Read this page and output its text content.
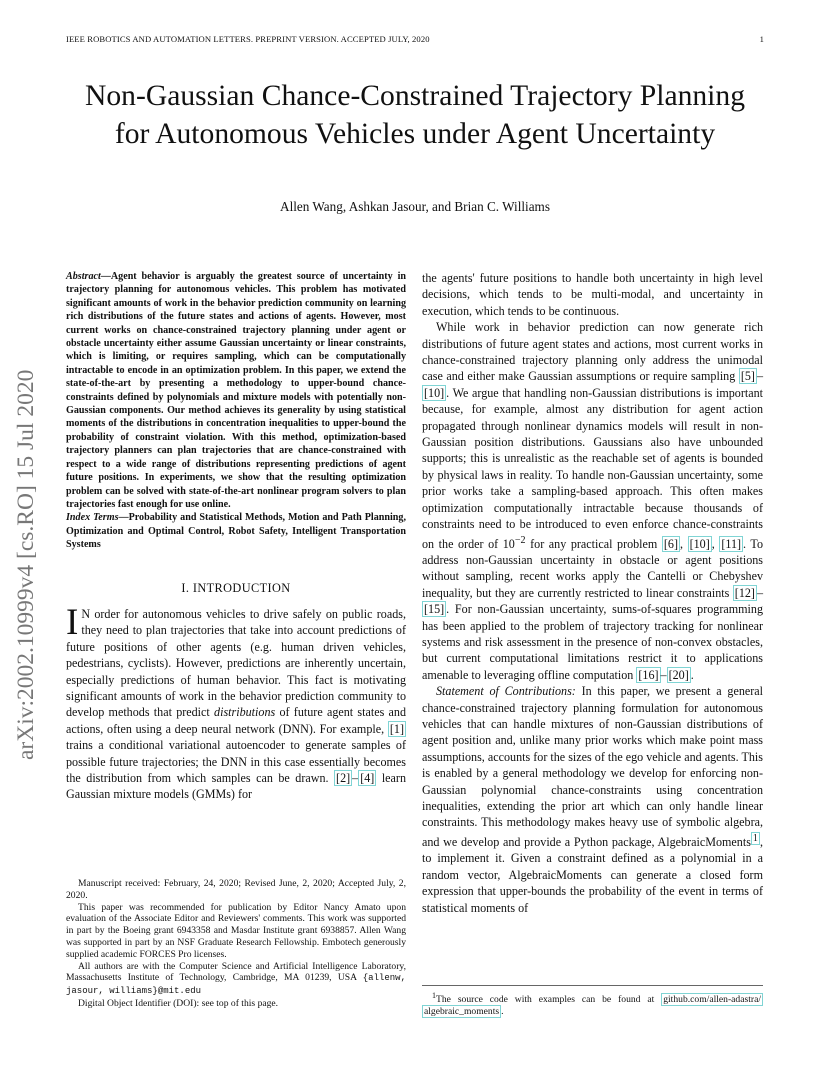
IEEE ROBOTICS AND AUTOMATION LETTERS. PREPRINT VERSION. ACCEPTED JULY, 2020	1
arXiv:2002.10999v4 [cs.RO] 15 Jul 2020
Non-Gaussian Chance-Constrained Trajectory Planning for Autonomous Vehicles under Agent Uncertainty
Allen Wang, Ashkan Jasour, and Brian C. Williams

Abstract—Agent behavior is arguably the greatest source of uncertainty in trajectory planning for autonomous vehicles. This problem has motivated significant amounts of work in the behavior prediction community on learning rich distributions of the future states and actions of agents. However, most current works on chance-constrained trajectory planning under agent or obstacle uncertainty either assume Gaussian uncertainty or linear constraints, which is limiting, or requires sampling, which can be computationally intractable to encode in an optimization problem. In this paper, we extend the state-of-the-art by presenting a methodology to upper-bound chance-constraints defined by polynomials and mixture models with potentially non-Gaussian components. Our method achieves its generality by using statistical moments of the distributions in concentration inequalities to upper-bound the probability of constraint violation. With this method, optimization-based trajectory planners can plan trajectories that are chance-constrained with respect to a wide range of distributions representing predictions of agent future positions. In experiments, we show that the resulting optimization problem can be solved with state-of-the-art nonlinear program solvers to plan trajectories fast enough for use online.

Index Terms—Probability and Statistical Methods, Motion and Path Planning, Optimization and Optimal Control, Robot Safety, Intelligent Transportation Systems

I. INTRODUCTION

I N order for autonomous vehicles to drive safely on public roads, they need to plan trajectories that take into account predictions of future positions of other agents (e.g. human driven vehicles, pedestrians, cyclists). However, predictions are inherently uncertain, especially predictions of human behavior. This fact is motivating significant amounts of work in the behavior prediction community to develop methods that predict distributions of future agent states and actions, often using a deep neural network (DNN). For example, [1] trains a conditional variational autoencoder to generate samples of possible future trajectories; the DNN in this case essentially becomes the distribution from which samples can be drawn. [2] – [4] learn Gaussian mixture models (GMMs) for

Manuscript received: February, 24, 2020; Revised June, 2, 2020; Accepted July, 2, 2020.

This paper was recommended for publication by Editor Nancy Amato upon evaluation of the Associate Editor and Reviewers' comments. This work was supported in part by the Boeing grant 6943358 and Masdar Institute grant 6938857. Allen Wang was supported in part by an NSF Graduate Research Fellowship. Embotech generously supplied academic FORCES Pro licenses.

All authors are with the Computer Science and Artificial Intelligence Laboratory, Massachusetts Institute of Technology, Cambridge, MA 01239, USA {allenw, jasour, williams}@mit.edu

Digital Object Identifier (DOI): see top of this page.

the agents' future positions to handle both uncertainty in high level decisions, which tends to be multi-modal, and uncertainty in execution, which tends to be continuous.

While work in behavior prediction can now generate rich distributions of future agent states and actions, most current works in chance-constrained trajectory planning only address the unimodal case and either make Gaussian assumptions or require sampling [5] –[10] . We argue that handling non-Gaussian distributions is important because, for example, almost any distribution for agent action propagated through nonlinear dynamics models will result in non-Gaussian position distributions. Gaussians also have unbounded supports; this is unrealistic as the reachable set of agents is bounded by physical laws in reality. To handle non-Gaussian uncertainty, some prior works take a sampling-based approach. This often makes optimization computationally intractable because thousands of constraints need to be introduced to even enforce chance-constraints on the order of $10^{-2}$ for any practical problem [6] , [10] , [11] . To address non-Gaussian uncertainty in obstacle or agent positions without sampling, recent works apply the Cantelli or Chebyshev inequality, but they are currently restricted to linear constraints [12] –[15] . For non-Gaussian uncertainty, sums-of-squares programming has been applied to the problem of trajectory tracking for nonlinear systems and risk assessment in the presence of non-convex obstacles, but current computational limitations restrict it to applications amenable to leveraging offline computation [16] – [20] .

Statement of Contributions: In this paper, we present a general chance-constrained trajectory planning formulation for autonomous vehicles that can handle mixtures of non-Gaussian distributions of agent position and, unlike many prior works which make point mass assumptions, accounts for the sizes of the ego vehicle and agents. This is enabled by a general methodology we develop for enforcing non-Gaussian polynomial chance-constraints using concentration inequalities, extending the prior art which can only handle linear constraints. This methodology makes heavy use of symbolic algebra, and we develop and provide a Python package, AlgebraicMoments $^1$ , to implement it. Given a constraint defined as a polynomial in a random vector, AlgebraicMoments can generate a closed form expression that upper-bounds the probability of the event in terms of statistical moments of

$^1$The source code with examples can be found at github.com/allen-adastra/ algebraic_moments .
